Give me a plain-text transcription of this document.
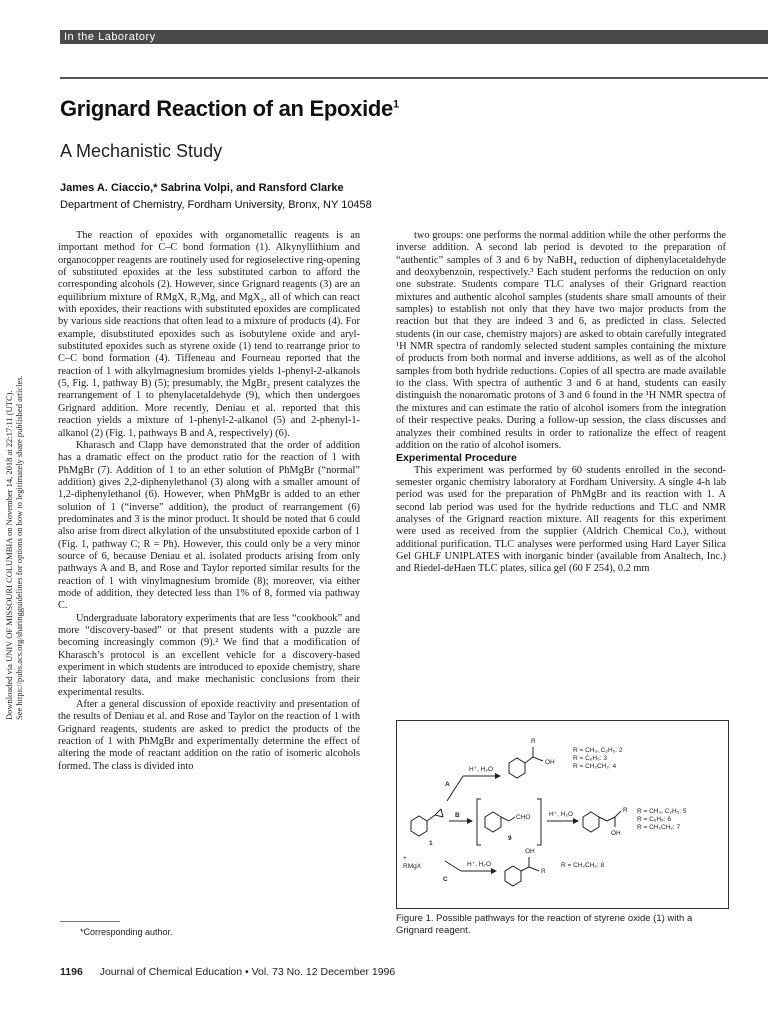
In the Laboratory
Downloaded via UNIV OF MISSOURI COLUMBIA on November 14, 2018 at 22:17:11 (UTC). See https://pubs.acs.org/sharingguidelines for options on how to legitimately share published articles.
Grignard Reaction of an Epoxide$^1$
A Mechanistic Study
James A. Ciaccio,* Sabrina Volpi, and Ransford Clarke
Department of Chemistry, Fordham University, Bronx, NY 10458

The reaction of epoxides with organometallic reagents is an important method for C–C bond formation (1). Alkynyllithium and organocopper reagents are routinely used for regioselective ring-opening of substituted epoxides at the less substituted carbon to afford the corresponding alcohols (2). However, since Grignard reagents (3) are an equilibrium mixture of RMgX, R₂Mg, and MgX₂, all of which can react with epoxides, their reactions with substituted epoxides are complicated by various side reactions that often lead to a mixture of products (4). For example, disubstituted epoxides such as isobutylene oxide and aryl-substituted epoxides such as styrene oxide (1) tend to rearrange prior to C–C bond formation (4). Tiffeneau and Fourneau reported that the reaction of 1 with alkylmagnesium bromides yields 1-phenyl-2-alkanols (5, Fig. 1, pathway B) (5); presumably, the MgBr₂ present catalyzes the rearrangement of 1 to phenylacetaldehyde (9), which then undergoes Grignard addition. More recently, Deniau et al. reported that this reaction yields a mixture of 1-phenyl-2-alkanol (5) and 2-phenyl-1-alkanol (2) (Fig. 1, pathways B and A, respectively) (6).

Kharasch and Clapp have demonstrated that the order of addition has a dramatic effect on the product ratio for the reaction of 1 with PhMgBr (7). Addition of 1 to an ether solution of PhMgBr (“normal” addition) gives 2,2-diphenylethanol (3) along with a smaller amount of 1,2-diphenylethanol (6). However, when PhMgBr is added to an ether solution of 1 (“inverse” addition), the product of rearrangement (6) predominates and 3 is the minor product. It should be noted that 6 could also arise from direct alkylation of the unsubstituted epoxide carbon of 1 (Fig. 1, pathway C; R = Ph). However, this could only be a very minor source of 6, because Deniau et al. isolated products arising from only pathways A and B, and Rose and Taylor reported similar results for the reaction of 1 with vinylmagnesium bromide (8); moreover, via either mode of addition, they detected less than 1% of 8, formed via pathway C.

Undergraduate laboratory experiments that are less “cookbook” and more “discovery-based” or that present students with a puzzle are becoming increasingly common (9).² We find that a modification of Kharasch’s protocol is an excellent vehicle for a discovery-based experiment in which students are introduced to epoxide chemistry, share their laboratory data, and make mechanistic conclusions from their experimental results.

After a general discussion of epoxide reactivity and presentation of the results of Deniau et al. and Rose and Taylor on the reaction of 1 with Grignard reagents, students are asked to predict the products of the reaction of 1 with PhMgBr and experimentally determine the effect of altering the mode of reactant addition on the ratio of isomeric alcohols formed. The class is divided into

two groups: one performs the normal addition while the other performs the inverse addition. A second lab period is devoted to the preparation of “authentic” samples of 3 and 6 by NaBH₄ reduction of diphenylacetaldehyde and deoxybenzoin, respectively.³ Each student performs the reduction on only one substrate. Students compare TLC analyses of their Grignard reaction mixtures and authentic alcohol samples (students share small amounts of their samples) to establish not only that they have two major products from the reaction but that they are indeed 3 and 6, as predicted in class. Selected students (in our case, chemistry majors) are asked to obtain carefully integrated ¹H NMR spectra of randomly selected student samples containing the mixture of products from both normal and inverse additions, as well as of the alcohol samples from both hydride reductions. Copies of all spectra are made available to the class. With spectra of authentic 3 and 6 at hand, students can easily distinguish the nonaromatic protons of 3 and 6 found in the ¹H NMR spectra of the mixtures and can estimate the ratio of alcohol isomers from the integration of their respective peaks. During a follow-up session, the class discusses and analyzes their combined results in order to rationalize the effect of reagent addition on the ratio of alcohol isomers.

Experimental Procedure

This experiment was performed by 60 students enrolled in the second-semester organic chemistry laboratory at Fordham University. A single 4-h lab period was used for the preparation of PhMgBr and its reaction with 1. A second lab period was used for the hydride reductions and TLC and NMR analyses of the Grignard reaction mixture. All reagents for this experiment were used as received from the supplier (Aldrich Chemical Co.), without additional purification. TLC analyses were performed using Hard Layer Silica Gel GHLF UNIPLATES with inorganic binder (available from Analtech, Inc.) and Riedel-deHaen TLC plates, silica gel (60 F 254), 0.2 mm

1
+
RMgX
A
H⁺, H₂O
R
OH
R = CH₃, C₂H₅: 2
R = C₆H₅: 3
R = CH₂CH₂: 4
B	CHO
9
H⁺, H₂O
R
OH
R = CH₃, C₂H₅: 5
R = C₆H₅: 6
R = CH₂CH₂: 7
C
H⁺, H₂O
OH
R
R = CH₂CH₂: 8
Figure 1. Possible pathways for the reaction of styrene oxide (1) with a Grignard reagent.
*Corresponding author.
1196 Journal of Chemical Education • Vol. 73 No. 12 December 1996
